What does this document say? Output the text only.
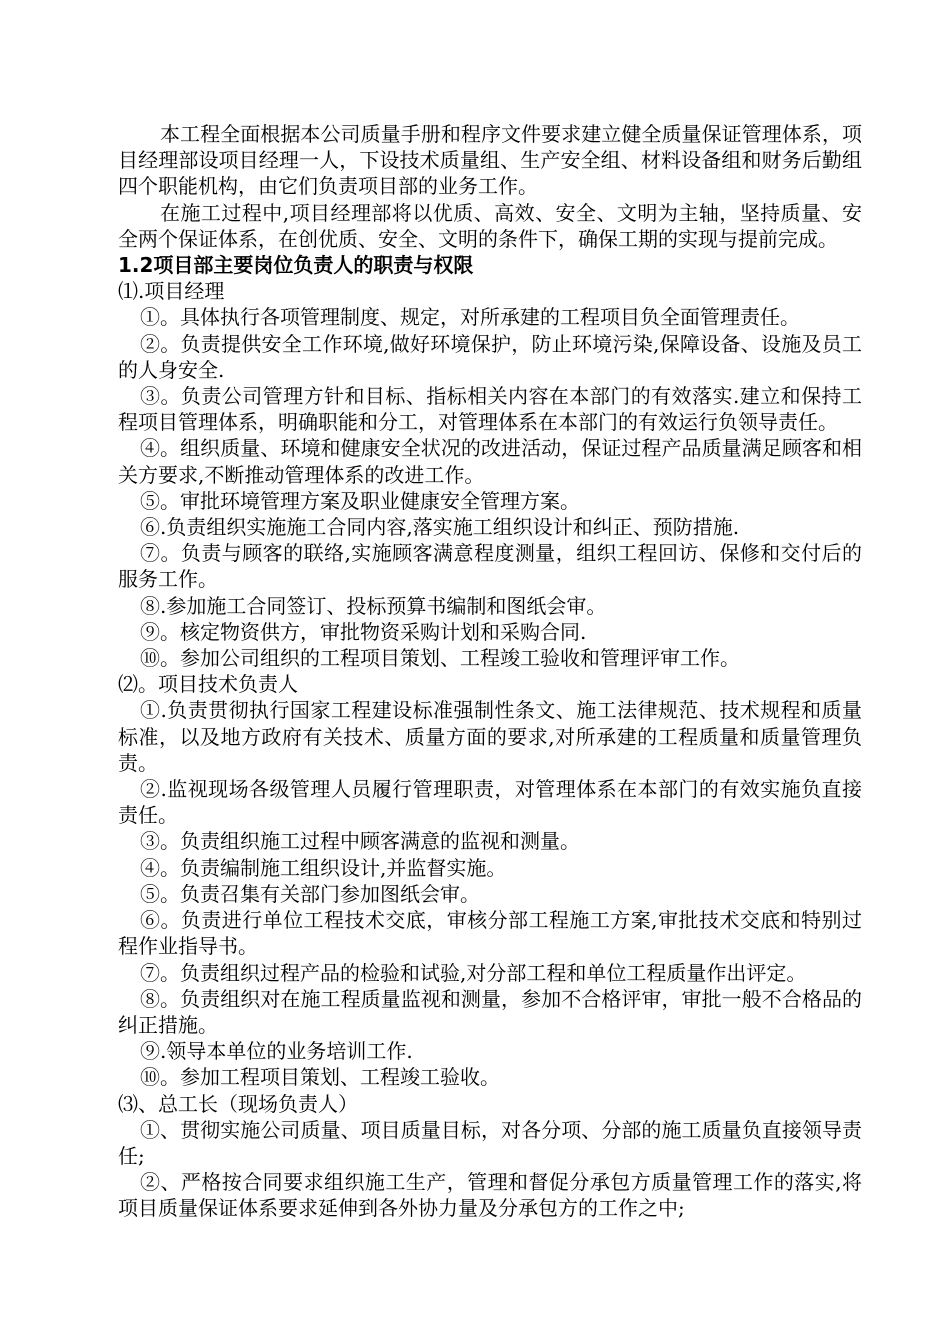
本工程全面根据本公司质量手册和程序文件要求建立健全质量保证管理体系，项目经理部设项目经理一人，下设技术质量组、生产安全组、材料设备组和财务后勤组四个职能机构，由它们负责项目部的业务工作。

在施工过程中,项目经理部将以优质、高效、安全、文明为主轴，坚持质量、安全两个保证体系，在创优质、安全、文明的条件下，确保工期的实现与提前完成。

1.2项目部主要岗位负责人的职责与权限

⑴.项目经理

①。具体执行各项管理制度、规定，对所承建的工程项目负全面管理责任。

②。负责提供安全工作环境,做好环境保护，防止环境污染,保障设备、设施及员工的人身安全.

③。负责公司管理方针和目标、指标相关内容在本部门的有效落实.建立和保持工程项目管理体系，明确职能和分工，对管理体系在本部门的有效运行负领导责任。

④。组织质量、环境和健康安全状况的改进活动，保证过程产品质量满足顾客和相关方要求,不断推动管理体系的改进工作。

⑤。审批环境管理方案及职业健康安全管理方案。

⑥.负责组织实施施工合同内容,落实施工组织设计和纠正、预防措施.

⑦。负责与顾客的联络,实施顾客满意程度测量，组织工程回访、保修和交付后的服务工作。

⑧.参加施工合同签订、投标预算书编制和图纸会审。

⑨。核定物资供方，审批物资采购计划和采购合同.

⑩。参加公司组织的工程项目策划、工程竣工验收和管理评审工作。

⑵。项目技术负责人

①.负责贯彻执行国家工程建设标准强制性条文、施工法律规范、技术规程和质量标准，以及地方政府有关技术、质量方面的要求,对所承建的工程质量和质量管理负责。

②.监视现场各级管理人员履行管理职责，对管理体系在本部门的有效实施负直接责任。

③。负责组织施工过程中顾客满意的监视和测量。

④。负责编制施工组织设计,并监督实施。

⑤。负责召集有关部门参加图纸会审。

⑥。负责进行单位工程技术交底，审核分部工程施工方案,审批技术交底和特别过程作业指导书。

⑦。负责组织过程产品的检验和试验,对分部工程和单位工程质量作出评定。

⑧。负责组织对在施工程质量监视和测量，参加不合格评审，审批一般不合格品的纠正措施。

⑨.领导本单位的业务培训工作.

⑩。参加工程项目策划、工程竣工验收。

⑶、总工长（现场负责人）

①、贯彻实施公司质量、项目质量目标，对各分项、分部的施工质量负直接领导责任;

②、严格按合同要求组织施工生产，管理和督促分承包方质量管理工作的落实,将项目质量保证体系要求延伸到各外协力量及分承包方的工作之中;
